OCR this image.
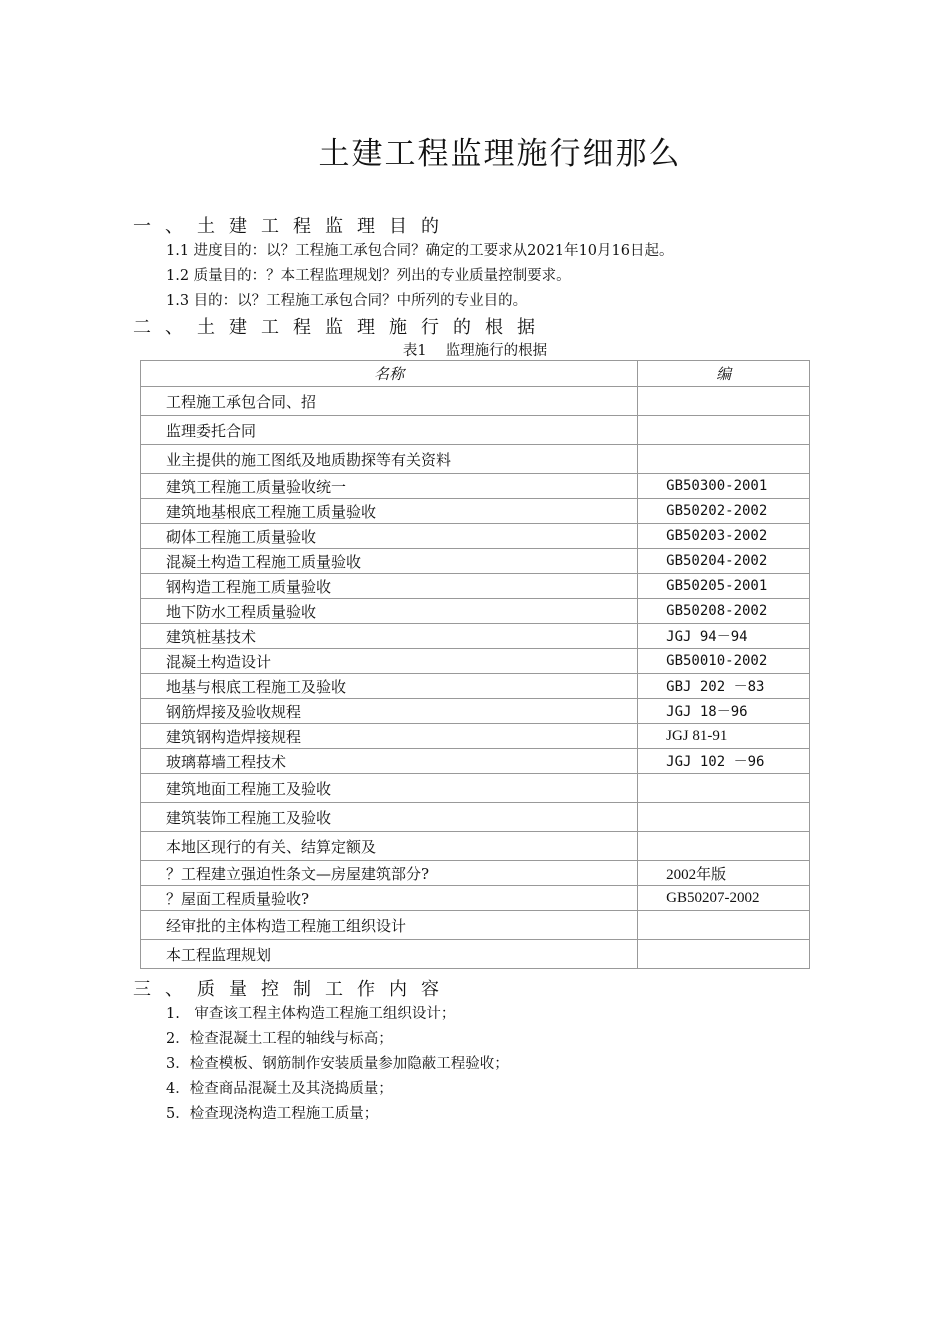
土建工程监理施行细那么
一、土建工程监理目的
1.1 进度目的：以？工程施工承包合同？确定的工要求从2021年10月16日起。
1.2 质量目的：？本工程监理规划？列出的专业质量控制要求。
1.3 目的：以？工程施工承包合同？中所列的专业目的。
二、土建工程监理施行的根据
表1　 监理施行的根据
名称	编
工程施工承包合同、招	
监理委托合同	
业主提供的施工图纸及地质勘探等有关资料	
建筑工程施工质量验收统一	GB50300-2001
建筑地基根底工程施工质量验收	GB50202-2002
砌体工程施工质量验收	GB50203-2002
混凝土构造工程施工质量验收	GB50204-2002
钢构造工程施工质量验收	GB50205-2001
地下防水工程质量验收	GB50208-2002
建筑桩基技术	JGJ 94－94
混凝土构造设计	GB50010-2002
地基与根底工程施工及验收	GBJ 202 －83
钢筋焊接及验收规程	JGJ 18－96
建筑钢构造焊接规程	JGJ 81-91
玻璃幕墙工程技术	JGJ 102 －96
建筑地面工程施工及验收	
建筑装饰工程施工及验收	
本地区现行的有关、结算定额及	
？工程建立强迫性条文—房屋建筑部分?	2002年版
？屋面工程质量验收?	GB50207-2002
经审批的主体构造工程施工组织设计	
本工程监理规划	
三、质量控制工作内容
1.　审查该工程主体构造工程施工组织设计；
2．检查混凝土工程的轴线与标高；
3．检查模板、钢筋制作安装质量参加隐蔽工程验收；
4．检查商品混凝土及其浇捣质量；
5．检查现浇构造工程施工质量；
